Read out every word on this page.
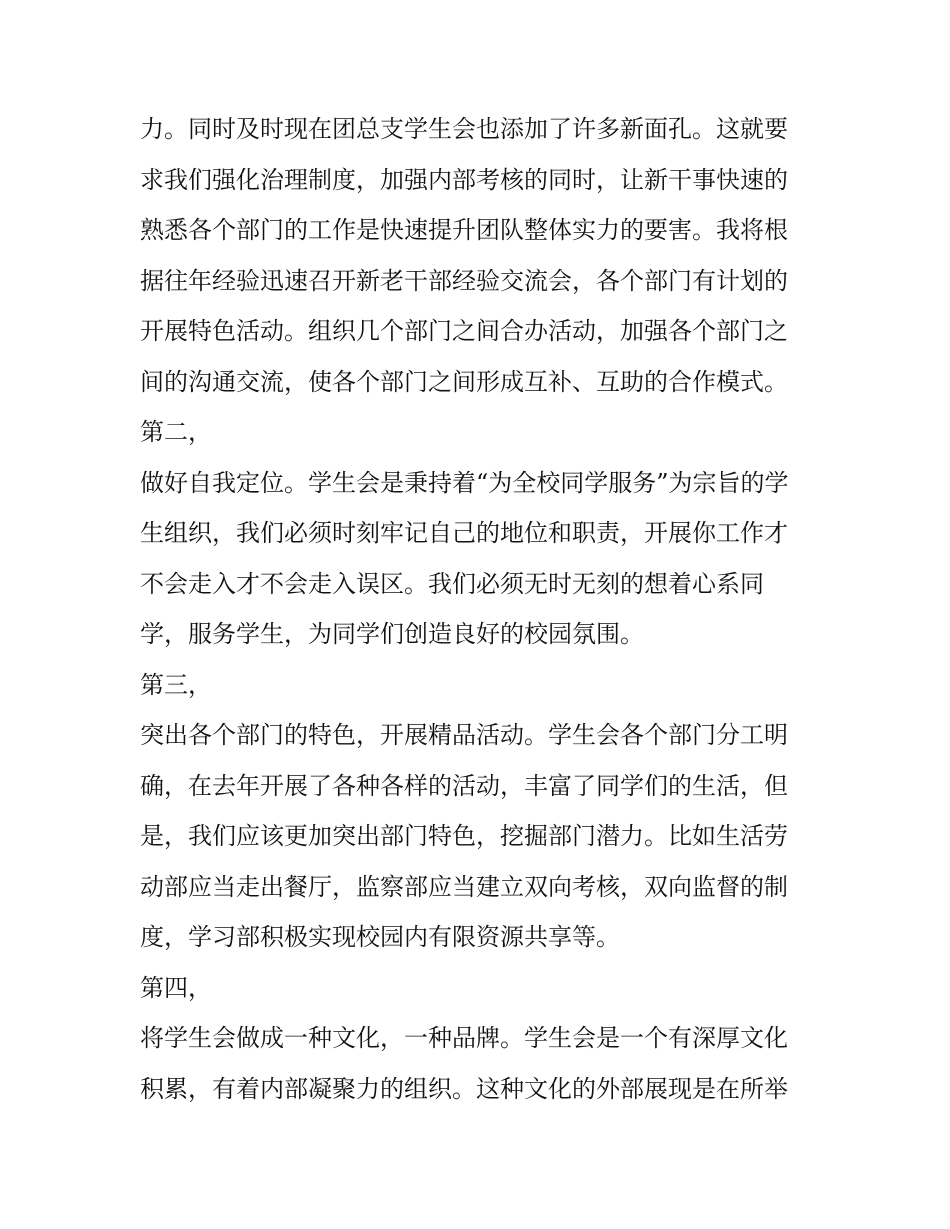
力。同时及时现在团总支学生会也添加了许多新面孔。这就要
求我们强化治理制度，加强内部考核的同时，让新干事快速的
熟悉各个部门的工作是快速提升团队整体实力的要害。我将根
据往年经验迅速召开新老干部经验交流会，各个部门有计划的
开展特色活动。组织几个部门之间合办活动，加强各个部门之
间的沟通交流，使各个部门之间形成互补、互助的合作模式。
第二，
做好自我定位。学生会是秉持着“为全校同学服务”为宗旨的学
生组织，我们必须时刻牢记自己的地位和职责，开展你工作才
不会走入才不会走入误区。我们必须无时无刻的想着心系同
学，服务学生，为同学们创造良好的校园氛围。
第三，
突出各个部门的特色，开展精品活动。学生会各个部门分工明
确，在去年开展了各种各样的活动，丰富了同学们的生活，但
是，我们应该更加突出部门特色，挖掘部门潜力。比如生活劳
动部应当走出餐厅，监察部应当建立双向考核，双向监督的制
度，学习部积极实现校园内有限资源共享等。
第四，
将学生会做成一种文化，一种品牌。学生会是一个有深厚文化
积累，有着内部凝聚力的组织。这种文化的外部展现是在所举
